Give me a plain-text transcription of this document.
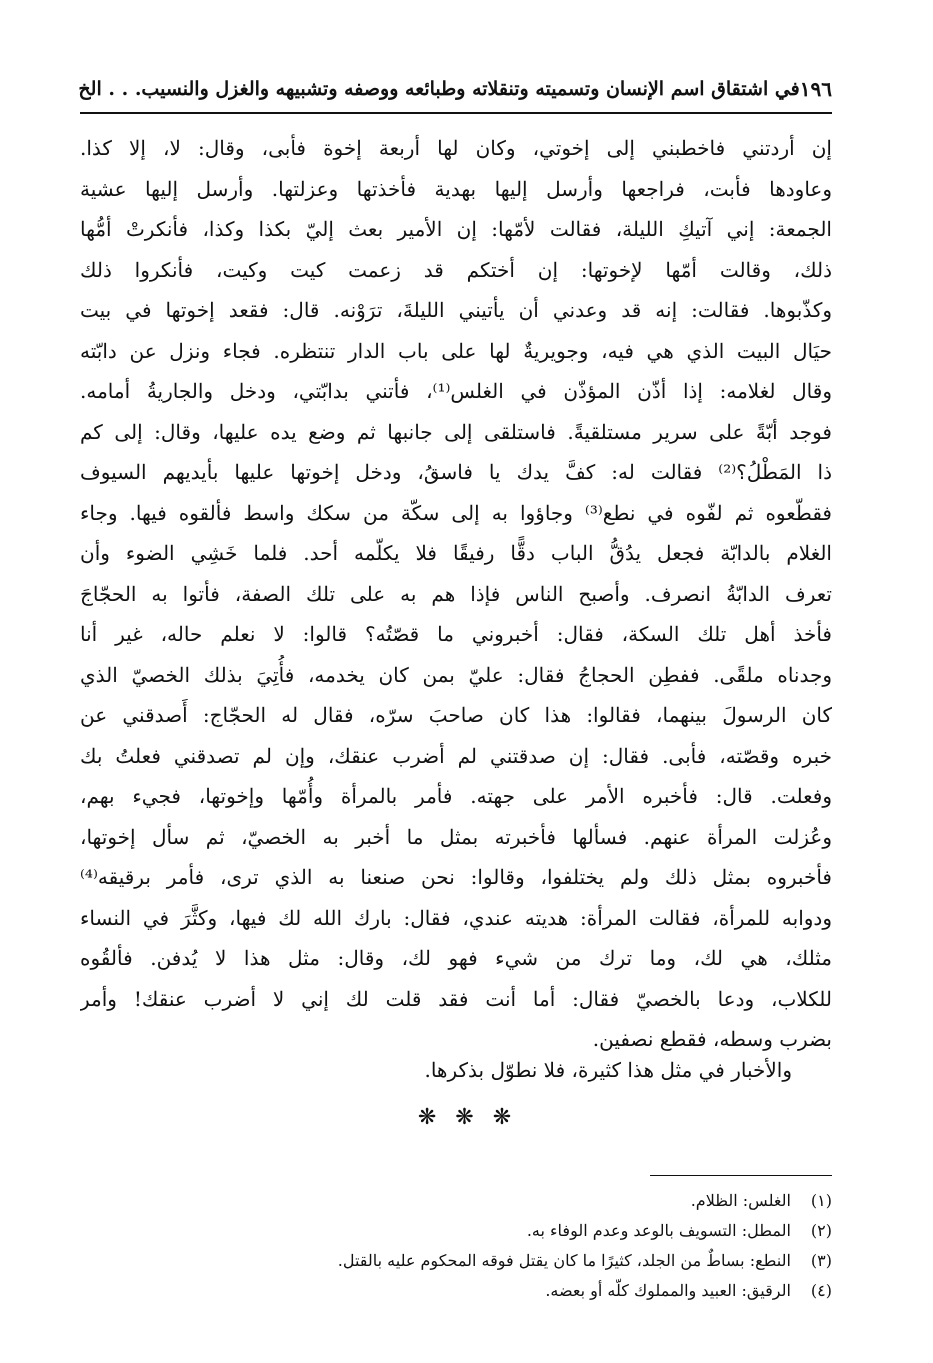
١٩٦
في اشتقاق اسم الإنسان وتسميته وتنقلاته وطبائعه ووصفه وتشبيهه والغزل والنسيب. . . الخ
إن أردتني فاخطبني إلى إخوتي، وكان لها أربعة إخوة فأبى، وقال: لا، إلا كذا.
وعاودها فأبت، فراجعها وأرسل إليها بهدية فأخذتها وعزلتها. وأرسل إليها عشية
الجمعة: إني آتيكِ الليلة، فقالت لأمّها: إن الأمير بعث إليّ بكذا وكذا، فأنكرتْ أمُّها
ذلك، وقالت أمّها لإخوتها: إن أختكم قد زعمت كيت وكيت، فأنكروا ذلك
وكذّبوها. فقالت: إنه قد وعدني أن يأتيني الليلةَ، ترَوْنه. قال: فقعد إخوتها في بيت
حيَال البيت الذي هي فيه، وجويريةٌ لها على باب الدار تنتظره. فجاء ونزل عن دابّته
وقال لغلامه: إذا أذّن المؤذّن في الغلس⁽¹⁾، فأتني بدابّتي، ودخل والجاريةُ أمامه.
فوجد أبّةً على سرير مستلقيةً. فاستلقى إلى جانبها ثم وضع يده عليها، وقال: إلى كم
ذا المَطْلُ؟⁽²⁾ فقالت له: كفَّ يدك يا فاسقُ، ودخل إخوتها عليها بأيديهم السيوف
فقطّعوه ثم لفّوه في نطع⁽³⁾ وجاؤوا به إلى سكّة من سكك واسط فألقوه فيها. وجاء
الغلام بالدابّة فجعل يدُقُّ الباب دقًّا رفيقًا فلا يكلّمه أحد. فلما خَشِي الضوء وأن
تعرف الدابّةُ انصرف. وأصبح الناس فإذا هم به على تلك الصفة، فأتوا به الحجّاجَ
فأخذ أهل تلك السكة، فقال: أخبروني ما قصّتُه؟ قالوا: لا نعلم حاله، غير أنا
وجدناه ملقًى. ففطِن الحجاجُ فقال: عليّ بمن كان يخدمه، فأُتِيَ بذلك الخصيّ الذي
كان الرسولَ بينهما، فقالوا: هذا كان صاحبَ سرّه، فقال له الحجّاج: أَصدقني عن
خبره وقصّته، فأبى. فقال: إن صدقتني لم أضرب عنقك، وإن لم تصدقني فعلتُ بك
وفعلت. قال: فأخبره الأمر على جهته. فأمر بالمرأة وأُمّها وإخوتها، فجيء بهم،
وعُزلت المرأة عنهم. فسألها فأخبرته بمثل ما أخبر به الخصيّ، ثم سأل إخوتها،
فأخبروه بمثل ذلك ولم يختلفوا، وقالوا: نحن صنعنا به الذي ترى، فأمر برقيقه⁽⁴⁾
ودوابه للمرأة، فقالت المرأة: هديته عندي، فقال: بارك الله لك فيها، وكثَّرَ في النساء
مثلك، هي لك، وما ترك من شيء فهو لك، وقال: مثل هذا لا يُدفن. فألقُوه
للكلاب، ودعا بالخصيّ فقال: أما أنت فقد قلت لك إني لا أضرب عنقك! وأمر
بضرب وسطه، فقطع نصفين.
والأخبار في مثل هذا كثيرة، فلا نطوّل بذكرها.
❋ ❋ ❋
(١) الغلس: الظلام.
(٢) المطل: التسويف بالوعد وعدم الوفاء به.
(٣) النطع: بساطٌ من الجلد، كثيرًا ما كان يقتل فوقه المحكوم عليه بالقتل.
(٤) الرقيق: العبيد والمملوك كلّه أو بعضه.
